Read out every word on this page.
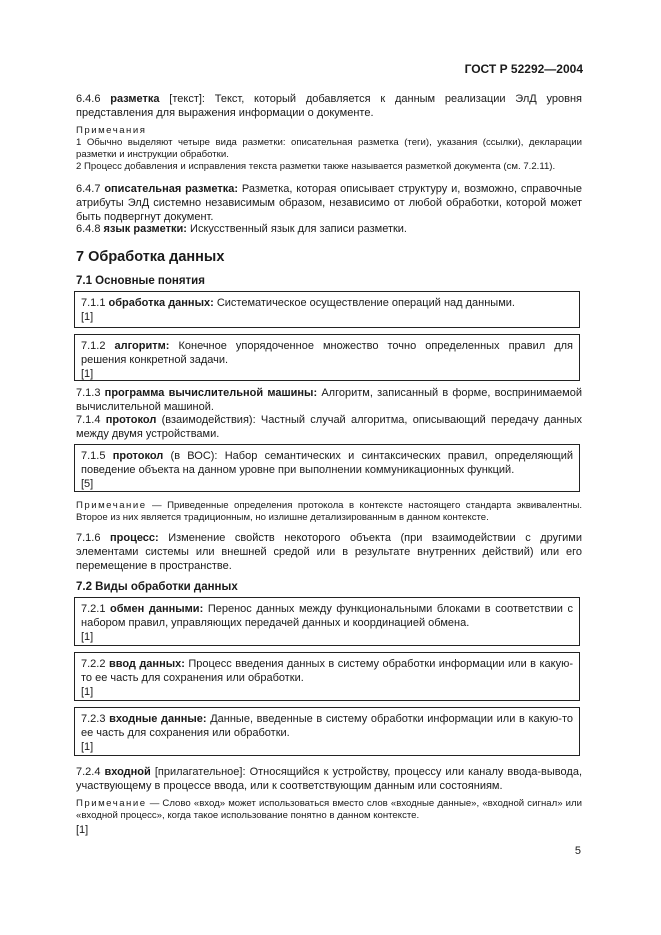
ГОСТ Р 52292—2004

6.4.6 разметка [текст]: Текст, который добавляется к данным реализации ЭлД уровня представления для выражения информации о документе.

Примечания

1 Обычно выделяют четыре вида разметки: описательная разметка (теги), указания (ссылки), декларации разметки и инструкции обработки.

2 Процесс добавления и исправления текста разметки также называется разметкой документа (см. 7.2.11).

6.4.7 описательная разметка: Разметка, которая описывает структуру и, возможно, справочные атрибуты ЭлД системно независимым образом, независимо от любой обработки, которой может быть подвергнут документ.

6.4.8 язык разметки: Искусственный язык для записи разметки.

7 Обработка данных
7.1 Основные понятия

7.1.1 обработка данных: Систематическое осуществление операций над данными.

[1]

7.1.2 алгоритм: Конечное упорядоченное множество точно определенных правил для решения конкретной задачи.

[1]

7.1.3 программа вычислительной машины: Алгоритм, записанный в форме, воспринимаемой вычислительной машиной.

7.1.4 протокол (взаимодействия): Частный случай алгоритма, описывающий передачу данных между двумя устройствами.

7.1.5 протокол (в ВОС): Набор семантических и синтаксических правил, определяющий поведение объекта на данном уровне при выполнении коммуникационных функций.

[5]

Примечание — Приведенные определения протокола в контексте настоящего стандарта эквивалентны. Второе из них является традиционным, но излишне детализированным в данном контексте.

7.1.6 процесс: Изменение свойств некоторого объекта (при взаимодействии с другими элементами системы или внешней средой или в результате внутренних действий) или его перемещение в пространстве.

7.2 Виды обработки данных

7.2.1 обмен данными: Перенос данных между функциональными блоками в соответствии с набором правил, управляющих передачей данных и координацией обмена.

[1]

7.2.2 ввод данных: Процесс введения данных в систему обработки информации или в какую-то ее часть для сохранения или обработки.

[1]

7.2.3 входные данные: Данные, введенные в систему обработки информации или в какую-то ее часть для сохранения или обработки.

[1]

7.2.4 входной [прилагательное]: Относящийся к устройству, процессу или каналу ввода-вывода, участвующему в процессе ввода, или к соответствующим данным или состояниям.

Примечание — Слово «вход» может использоваться вместо слов «входные данные», «входной сигнал» или «входной процесс», когда такое использование понятно в данном контексте.

[1]

5
